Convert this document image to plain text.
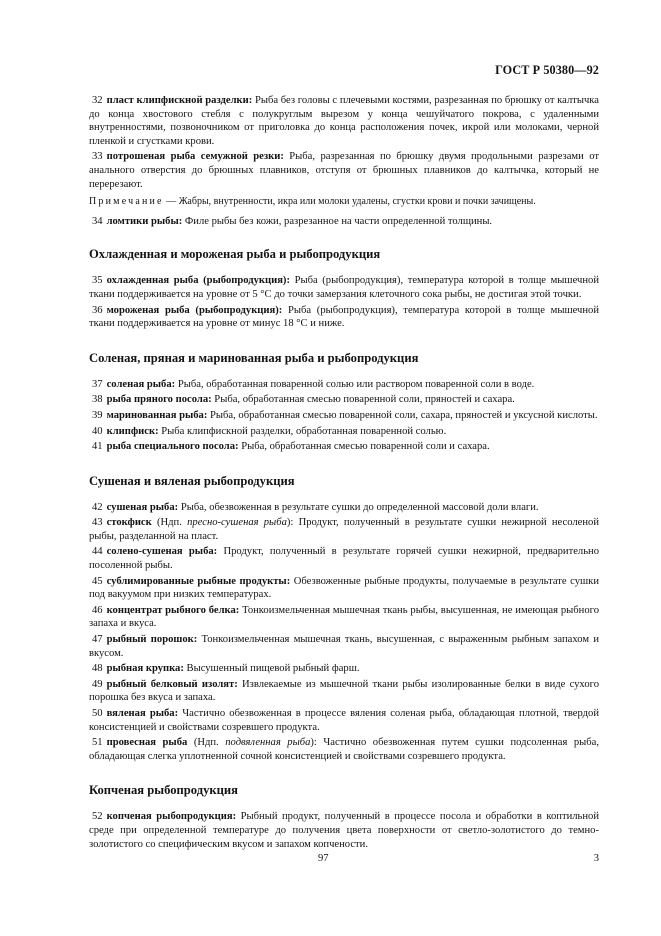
ГОСТ Р 50380—92

32 пласт клипфискной разделки: Рыба без головы с плечевыми костями, разрезанная по брюшку от калтычка до конца хвостового стебля с полукруглым вырезом у конца чешуйчатого покрова, с удаленными внутренностями, позвоночником от приголовка до конца расположения почек, икрой или молоками, черной пленкой и сгустками крови.

33 потрошеная рыба семужной резки: Рыба, разрезанная по брюшку двумя продольными разрезами от анального отверстия до брюшных плавников, отступя от брюшных плавников до калтычка, который не перерезают.

Примечание — Жабры, внутренности, икра или молоки удалены, сгустки крови и почки зачищены.

34 ломтики рыбы: Филе рыбы без кожи, разрезанное на части определенной толщины.

Охлажденная и мороженая рыба и рыбопродукция

35 охлажденная рыба (рыбопродукция): Рыба (рыбопродукция), температура которой в толще мышечной ткани поддерживается на уровне от 5 °С до точки замерзания клеточного сока рыбы, не достигая этой точки.

36 мороженая рыба (рыбопродукция): Рыба (рыбопродукция), температура которой в толще мышечной ткани поддерживается на уровне от минус 18 °С и ниже.

Соленая, пряная и маринованная рыба и рыбопродукция

37 соленая рыба: Рыба, обработанная поваренной солью или раствором поваренной соли в воде.

38 рыба пряного посола: Рыба, обработанная смесью поваренной соли, пряностей и сахара.

39 маринованная рыба: Рыба, обработанная смесью поваренной соли, сахара, пряностей и уксусной кислоты.

40 клипфиск: Рыба клипфискной разделки, обработанная поваренной солью.

41 рыба специального посола: Рыба, обработанная смесью поваренной соли и сахара.

Сушеная и вяленая рыбопродукция

42 сушеная рыба: Рыба, обезвоженная в результате сушки до определенной массовой доли влаги.

43 стокфиск (Ндп. пресно-сушеная рыба): Продукт, полученный в результате сушки нежирной несоленой рыбы, разделанной на пласт.

44 солено-сушеная рыба: Продукт, полученный в результате горячей сушки нежирной, предварительно посоленной рыбы.

45 сублимированные рыбные продукты: Обезвоженные рыбные продукты, получаемые в результате сушки под вакуумом при низких температурах.

46 концентрат рыбного белка: Тонкоизмельченная мышечная ткань рыбы, высушенная, не имеющая рыбного запаха и вкуса.

47 рыбный порошок: Тонкоизмельченная мышечная ткань, высушенная, с выраженным рыбным запахом и вкусом.

48 рыбная крупка: Высушенный пищевой рыбный фарш.

49 рыбный белковый изолят: Извлекаемые из мышечной ткани рыбы изолированные белки в виде сухого порошка без вкуса и запаха.

50 вяленая рыба: Частично обезвоженная в процессе вяления соленая рыба, обладающая плотной, твердой консистенцией и свойствами созревшего продукта.

51 провесная рыба (Ндп. подвяленная рыба): Частично обезвоженная путем сушки подсоленная рыба, обладающая слегка уплотненной сочной консистенцией и свойствами созревшего продукта.

Копченая рыбопродукция

52 копченая рыбопродукция: Рыбный продукт, полученный в процессе посола и обработки в коптильной среде при определенной температуре до получения цвета поверхности от светло-золотистого до темно-золотистого со специфическим вкусом и запахом копчености.

97	3
